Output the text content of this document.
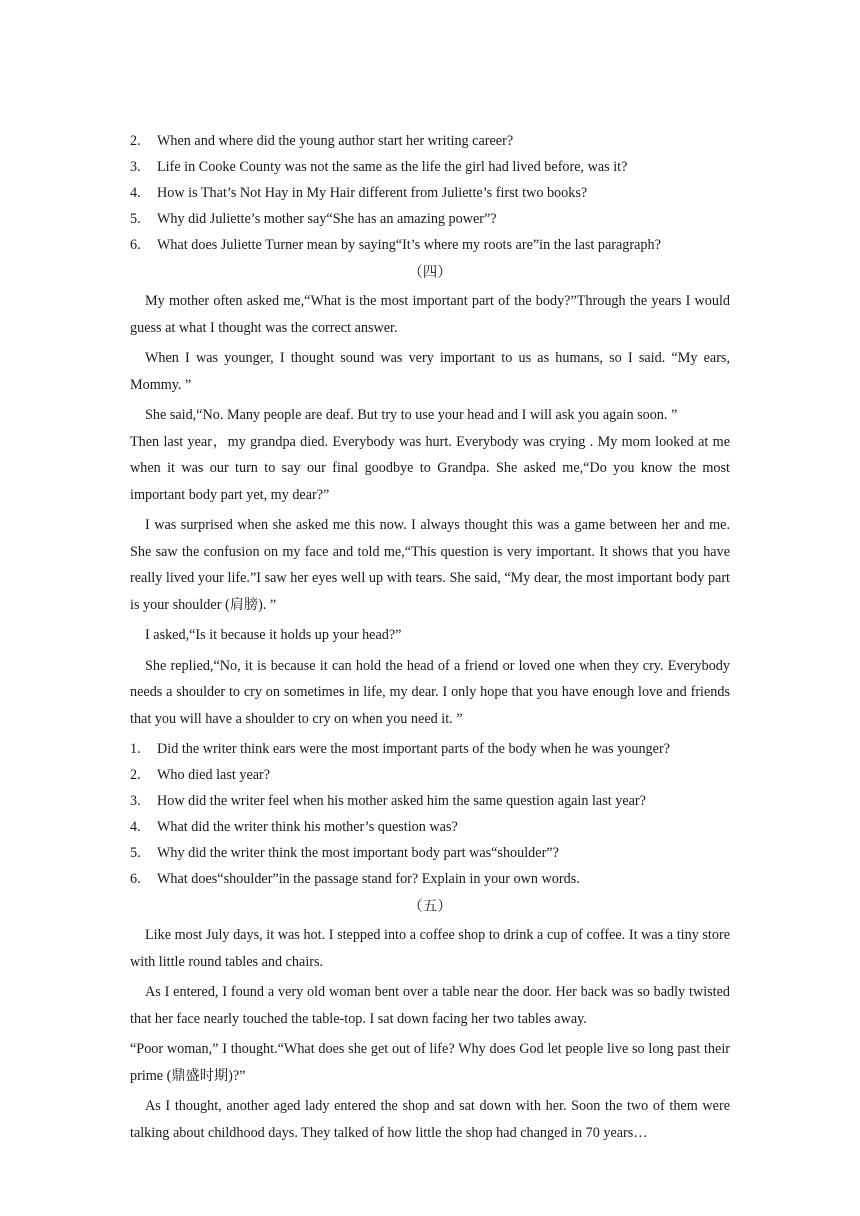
2. When and where did the young author start her writing career?
3. Life in Cooke County was not the same as the life the girl had lived before, was it?
4. How is That’s Not Hay in My Hair different from Juliette’s first two books?
5. Why did Juliette’s mother say“She has an amazing power”?
6. What does Juliette Turner mean by saying“It’s where my roots are”in the last paragraph?
（四）

My mother often asked me,“What is the most important part of the body?”Through the years I would guess at what I thought was the correct answer.

When I was younger, I thought sound was very important to us as humans, so I said. “My ears, Mommy. ”

She said,“No. Many people are deaf. But try to use your head and I will ask you again soon. ”

Then last year，my grandpa died. Everybody was hurt. Everybody was crying . My mom looked at me when it was our turn to say our final goodbye to Grandpa. She asked me,“Do you know the most important body part yet, my dear?”

I was surprised when she asked me this now. I always thought this was a game between her and me. She saw the confusion on my face and told me,“This question is very important. It shows that you have really lived your life.”I saw her eyes well up with tears. She said, “My dear, the most important body part is your shoulder (肩膀). ”

I asked,“Is it because it holds up your head?”

She replied,“No, it is because it can hold the head of a friend or loved one when they cry. Everybody needs a shoulder to cry on sometimes in life, my dear. I only hope that you have enough love and friends that you will have a shoulder to cry on when you need it. ”

1. Did the writer think ears were the most important parts of the body when he was younger?
2. Who died last year?
3. How did the writer feel when his mother asked him the same question again last year?
4. What did the writer think his mother’s question was?
5. Why did the writer think the most important body part was“shoulder”?
6. What does“shoulder”in the passage stand for? Explain in your own words.
（五）

Like most July days, it was hot. I stepped into a coffee shop to drink a cup of coffee. It was a tiny store with little round tables and chairs.

As I entered, I found a very old woman bent over a table near the door. Her back was so badly twisted that her face nearly touched the table-top. I sat down facing her two tables away.

“Poor woman,” I thought.“What does she get out of life? Why does God let people live so long past their prime (鼎盛时期)?”

As I thought, another aged lady entered the shop and sat down with her. Soon the two of them were talking about childhood days. They talked of how little the shop had changed in 70 years…
